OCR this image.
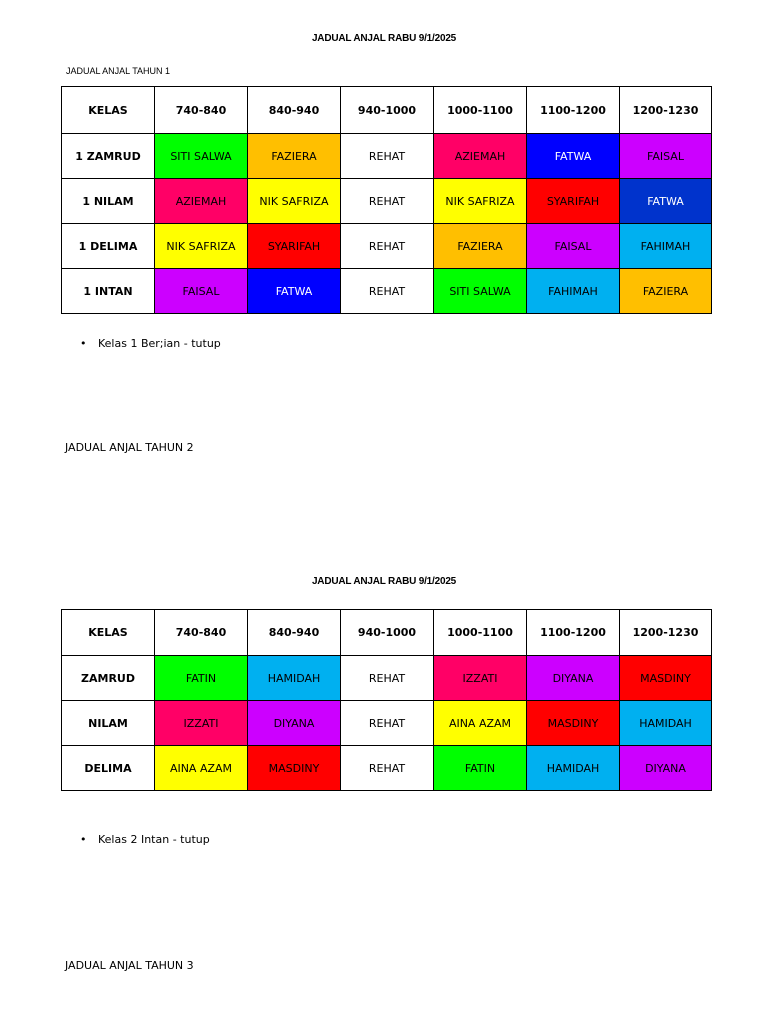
JADUAL ANJAL RABU 9/1/2025
JADUAL ANJAL TAHUN 1
KELAS	740-840	840-940	940-1000	1000-1100	1100-1200	1200-1230
1 ZAMRUD	SITI SALWA	FAZIERA	REHAT	AZIEMAH	FATWA	FAISAL
1 NILAM	AZIEMAH	NIK SAFRIZA	REHAT	NIK SAFRIZA	SYARIFAH	FATWA
1 DELIMA	NIK SAFRIZA	SYARIFAH	REHAT	FAZIERA	FAISAL	FAHIMAH
1 INTAN	FAISAL	FATWA	REHAT	SITI SALWA	FAHIMAH	FAZIERA
• Kelas 1 Ber;ian - tutup
JADUAL ANJAL TAHUN 2
JADUAL ANJAL RABU 9/1/2025
KELAS	740-840	840-940	940-1000	1000-1100	1100-1200	1200-1230
ZAMRUD	FATIN	HAMIDAH	REHAT	IZZATI	DIYANA	MASDINY
NILAM	IZZATI	DIYANA	REHAT	AINA AZAM	MASDINY	HAMIDAH
DELIMA	AINA AZAM	MASDINY	REHAT	FATIN	HAMIDAH	DIYANA
• Kelas 2 Intan - tutup
JADUAL ANJAL TAHUN 3
